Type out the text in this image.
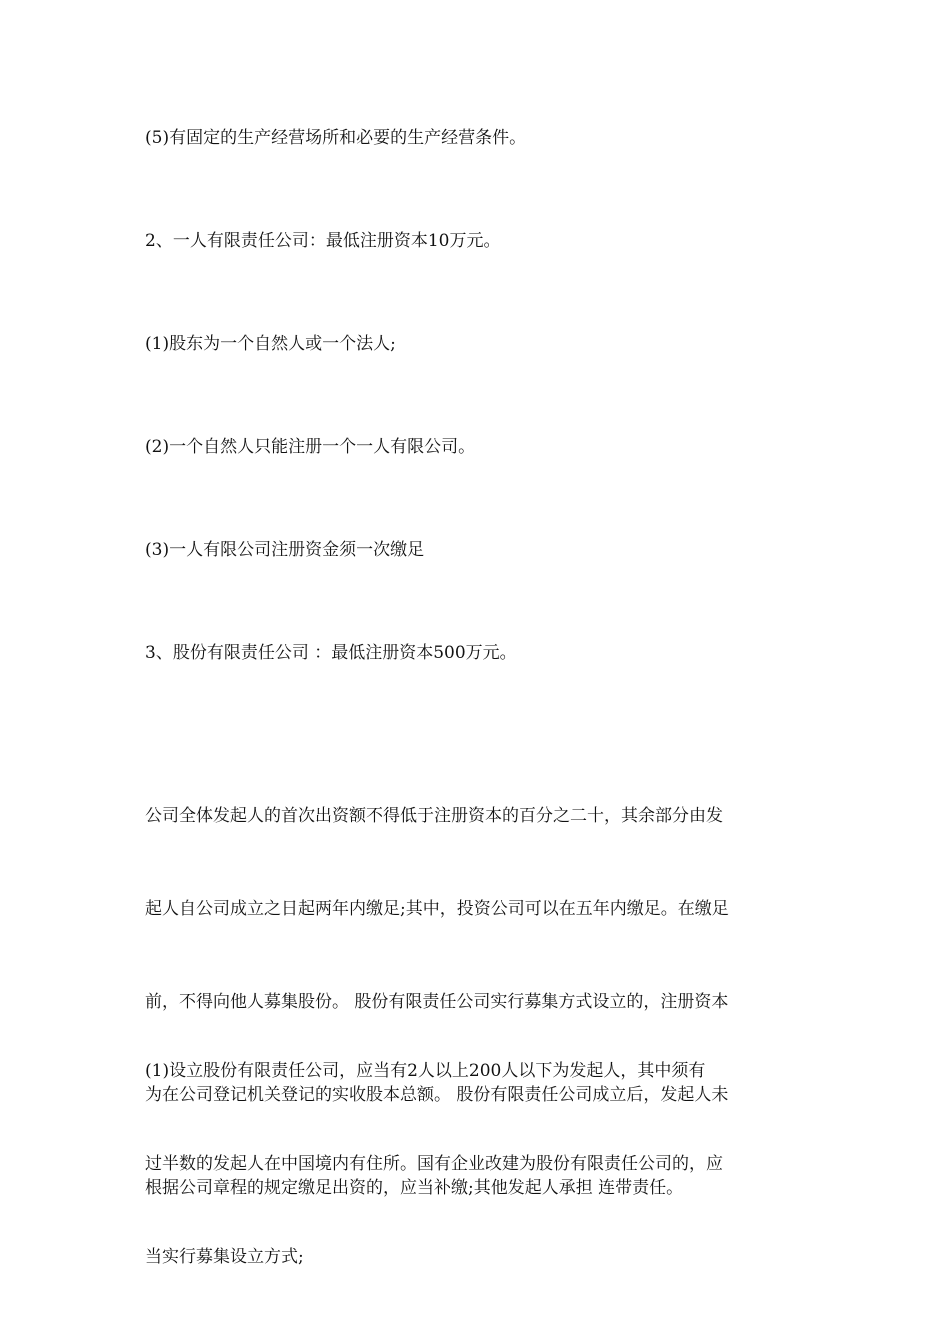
(5)有固定的生产经营场所和必要的生产经营条件。
2、一人有限责任公司：最低注册资本10万元。
(1)股东为一个自然人或一个法人;
(2)一个自然人只能注册一个一人有限公司。
(3)一人有限公司注册资金须一次缴足
3、股份有限责任公司 ：最低注册资本500万元。

公司全体发起人的首次出资额不得低于注册资本的百分之二十，其余部分由发

起人自公司成立之日起两年内缴足;其中，投资公司可以在五年内缴足。在缴足

前，不得向他人募集股份。 股份有限责任公司实行募集方式设立的，注册资本

为在公司登记机关登记的实收股本总额。 股份有限责任公司成立后，发起人未

根据公司章程的规定缴足出资的，应当补缴;其他发起人承担 连带责任。

(1)设立股份有限责任公司，应当有2人以上200人以下为发起人，其中须有

过半数的发起人在中国境内有住所。国有企业改建为股份有限责任公司的，应

当实行募集设立方式;
